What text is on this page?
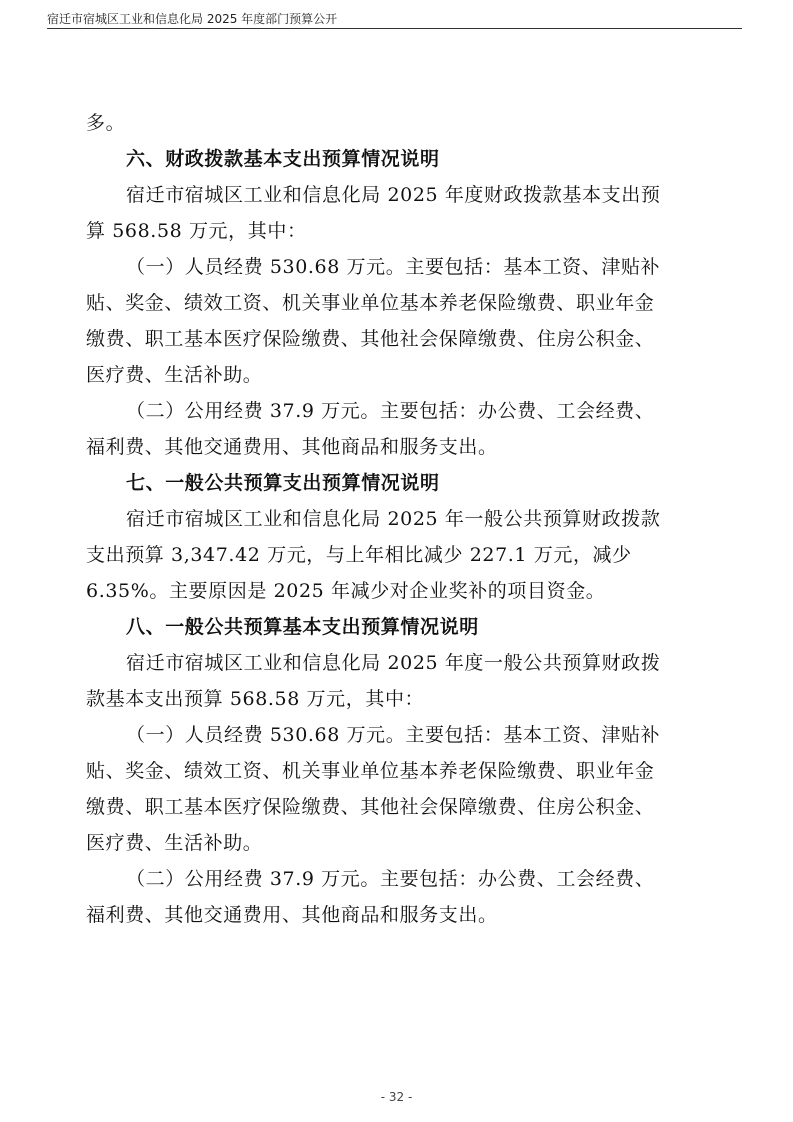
宿迁市宿城区工业和信息化局 2025 年度部门预算公开
多。
六、财政拨款基本支出预算情况说明
宿迁市宿城区工业和信息化局 2025 年度财政拨款基本支出预
算 568.58 万元，其中：
（一）人员经费 530.68 万元。主要包括：基本工资、津贴补
贴、奖金、绩效工资、机关事业单位基本养老保险缴费、职业年金
缴费、职工基本医疗保险缴费、其他社会保障缴费、住房公积金、
医疗费、生活补助。
（二）公用经费 37.9 万元。主要包括：办公费、工会经费、
福利费、其他交通费用、其他商品和服务支出。
七、一般公共预算支出预算情况说明
宿迁市宿城区工业和信息化局 2025 年一般公共预算财政拨款
支出预算 3,347.42 万元，与上年相比减少 227.1 万元，减少
6.35%。主要原因是 2025 年减少对企业奖补的项目资金。
八、一般公共预算基本支出预算情况说明
宿迁市宿城区工业和信息化局 2025 年度一般公共预算财政拨
款基本支出预算 568.58 万元，其中：
（一）人员经费 530.68 万元。主要包括：基本工资、津贴补
贴、奖金、绩效工资、机关事业单位基本养老保险缴费、职业年金
缴费、职工基本医疗保险缴费、其他社会保障缴费、住房公积金、
医疗费、生活补助。
（二）公用经费 37.9 万元。主要包括：办公费、工会经费、
福利费、其他交通费用、其他商品和服务支出。
- 32 -
